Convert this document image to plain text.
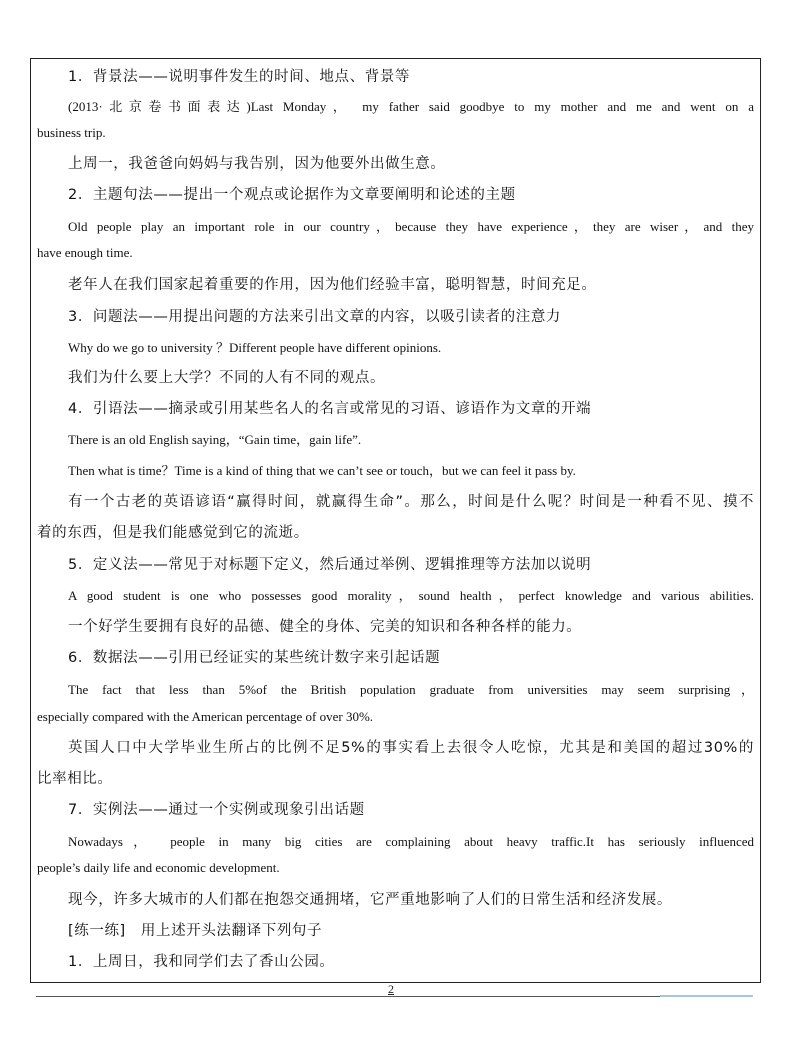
1．背景法——说明事件发生的时间、地点、背景等
(2013·北京卷书面表达)Last Monday， my father said goodbye to my mother and me and went on a
business trip.
上周一，我爸爸向妈妈与我告别，因为他要外出做生意。
2．主题句法——提出一个观点或论据作为文章要阐明和论述的主题
Old people play an important role in our country，because they have experience，they are wiser，and they
have enough time.
老年人在我们国家起着重要的作用，因为他们经验丰富，聪明智慧，时间充足。
3．问题法——用提出问题的方法来引出文章的内容，以吸引读者的注意力
Why do we go to university ？Different people have different opinions.
我们为什么要上大学？不同的人有不同的观点。
4．引语法——摘录或引用某些名人的名言或常见的习语、谚语作为文章的开端
There is an old English saying，“Gain time，gain life”.
Then what is time？Time is a kind of thing that we can’t see or touch，but we can feel it pass by.
有一个古老的英语谚语“赢得时间，就赢得生命”。那么，时间是什么呢？时间是一种看不见、摸不
着的东西，但是我们能感觉到它的流逝。
5．定义法——常见于对标题下定义，然后通过举例、逻辑推理等方法加以说明
A good student is one who possesses good morality，sound health，perfect knowledge and various abilities.
一个好学生要拥有良好的品德、健全的身体、完美的知识和各种各样的能力。
6．数据法——引用已经证实的某些统计数字来引起话题
The fact that less than 5%of the British population graduate from universities may seem surprising，
especially compared with the American percentage of over 30%.
英国人口中大学毕业生所占的比例不足5%的事实看上去很令人吃惊，尤其是和美国的超过30%的
比率相比。
7．实例法——通过一个实例或现象引出话题
Nowadays， people in many big cities are complaining about heavy traffic.It has seriously influenced
people’s daily life and economic development.
现今，许多大城市的人们都在抱怨交通拥堵，它严重地影响了人们的日常生活和经济发展。
[练一练]　用上述开头法翻译下列句子
1．上周日，我和同学们去了香山公园。
2
